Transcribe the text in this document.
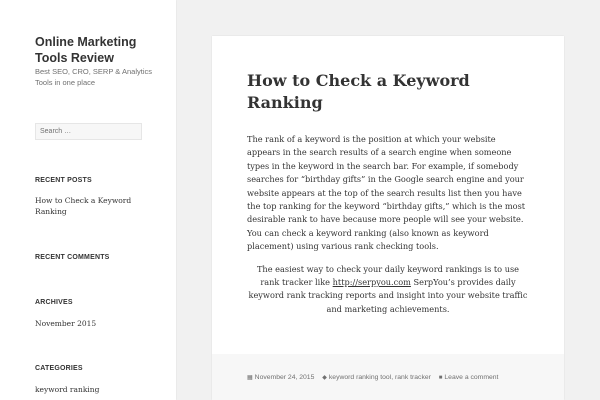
Online Marketing Tools Review
Best SEO, CRO, SERP & Analytics Tools in one place
Search …
RECENT POSTS
How to Check a Keyword Ranking
RECENT COMMENTS
ARCHIVES
November 2015
CATEGORIES
keyword ranking
How to Check a Keyword Ranking

The rank of a keyword is the position at which your website appears in the search results of a search engine when someone types in the keyword in the search bar. For example, if somebody searches for “birthday gifts” in the Google search engine and your website appears at the top of the search results list then you have the top ranking for the keyword “birthday gifts,” which is the most desirable rank to have because more people will see your website. You can check a keyword ranking (also known as keyword placement) using various rank checking tools.

The easiest way to check your daily keyword rankings is to use rank tracker like http://serpyou.com SerpYou’s provides daily keyword rank tracking reports and insight into your website traffic and marketing achievements.

▦ November 24, 2015 ◆ keyword ranking tool, rank tracker ■ Leave a comment
